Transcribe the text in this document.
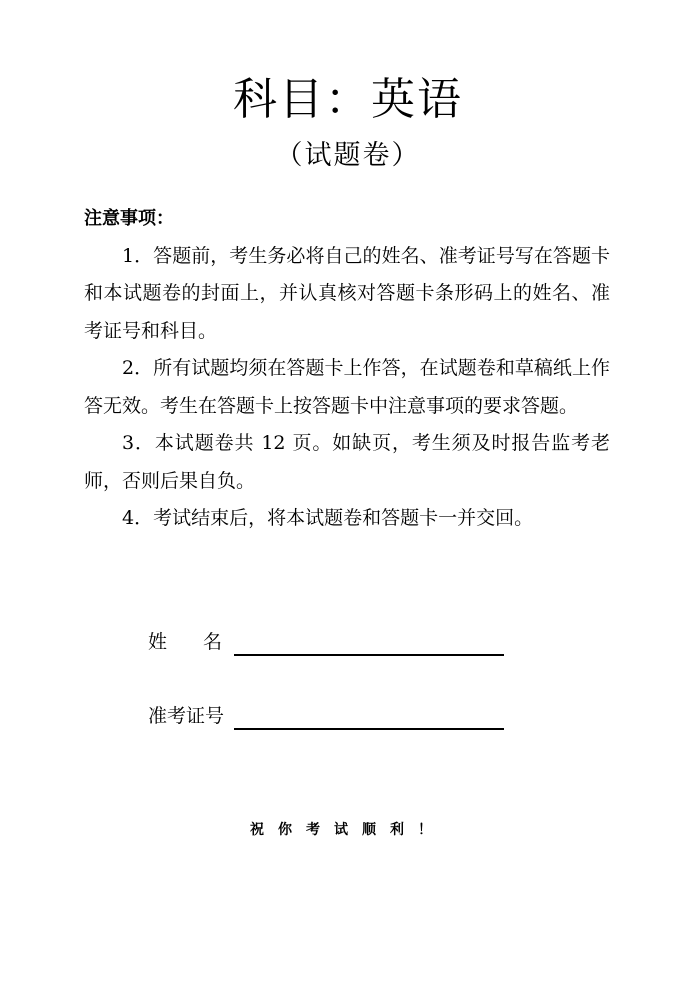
科目：英语
（试题卷）

注意事项：

1．答题前，考生务必将自己的姓名、准考证号写在答题卡和本试题卷的封面上，并认真核对答题卡条形码上的姓名、准考证号和科目。

2．所有试题均须在答题卡上作答，在试题卷和草稿纸上作答无效。考生在答题卡上按答题卡中注意事项的要求答题。

3．本试题卷共 12 页。如缺页，考生须及时报告监考老师，否则后果自负。

4．考试结束后，将本试题卷和答题卡一并交回。

姓 名
准考证号
祝你考试顺利！
